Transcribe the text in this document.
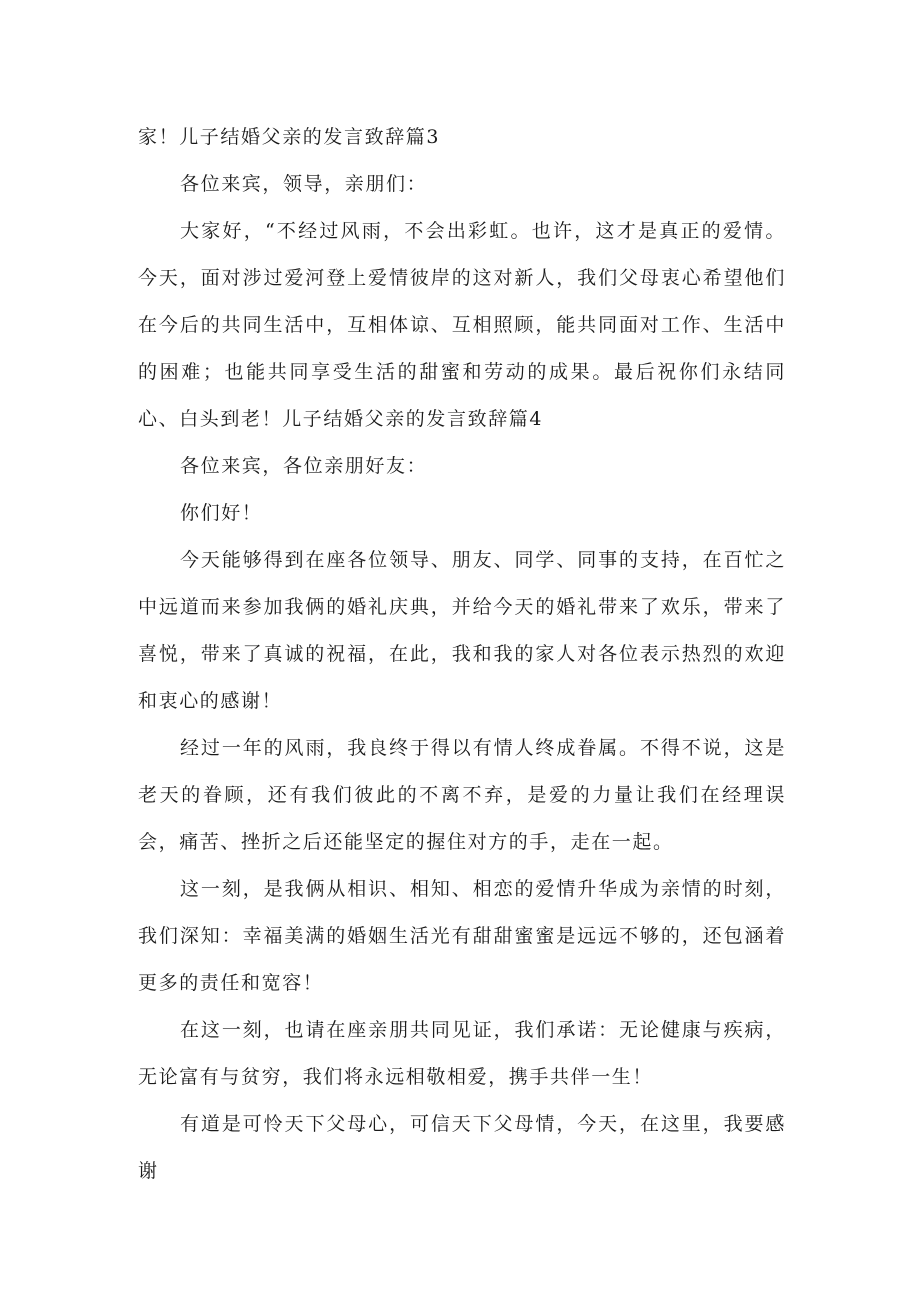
家！儿子结婚父亲的发言致辞篇3

各位来宾，领导，亲朋们：

大家好，“不经过风雨，不会出彩虹。也许，这才是真正的爱情。今天，面对涉过爱河登上爱情彼岸的这对新人，我们父母衷心希望他们在今后的共同生活中，互相体谅、互相照顾，能共同面对工作、生活中的困难；也能共同享受生活的甜蜜和劳动的成果。最后祝你们永结同心、白头到老！儿子结婚父亲的发言致辞篇4

各位来宾，各位亲朋好友：

你们好！

今天能够得到在座各位领导、朋友、同学、同事的支持，在百忙之中远道而来参加我俩的婚礼庆典，并给今天的婚礼带来了欢乐，带来了喜悦，带来了真诚的祝福，在此，我和我的家人对各位表示热烈的欢迎和衷心的感谢！

经过一年的风雨，我良终于得以有情人终成眷属。不得不说，这是老天的眷顾，还有我们彼此的不离不弃，是爱的力量让我们在经理误会，痛苦、挫折之后还能坚定的握住对方的手，走在一起。

这一刻，是我俩从相识、相知、相恋的爱情升华成为亲情的时刻，我们深知：幸福美满的婚姻生活光有甜甜蜜蜜是远远不够的，还包涵着更多的责任和宽容！

在这一刻，也请在座亲朋共同见证，我们承诺：无论健康与疾病，无论富有与贫穷，我们将永远相敬相爱，携手共伴一生！

有道是可怜天下父母心，可信天下父母情，今天，在这里，我要感谢
